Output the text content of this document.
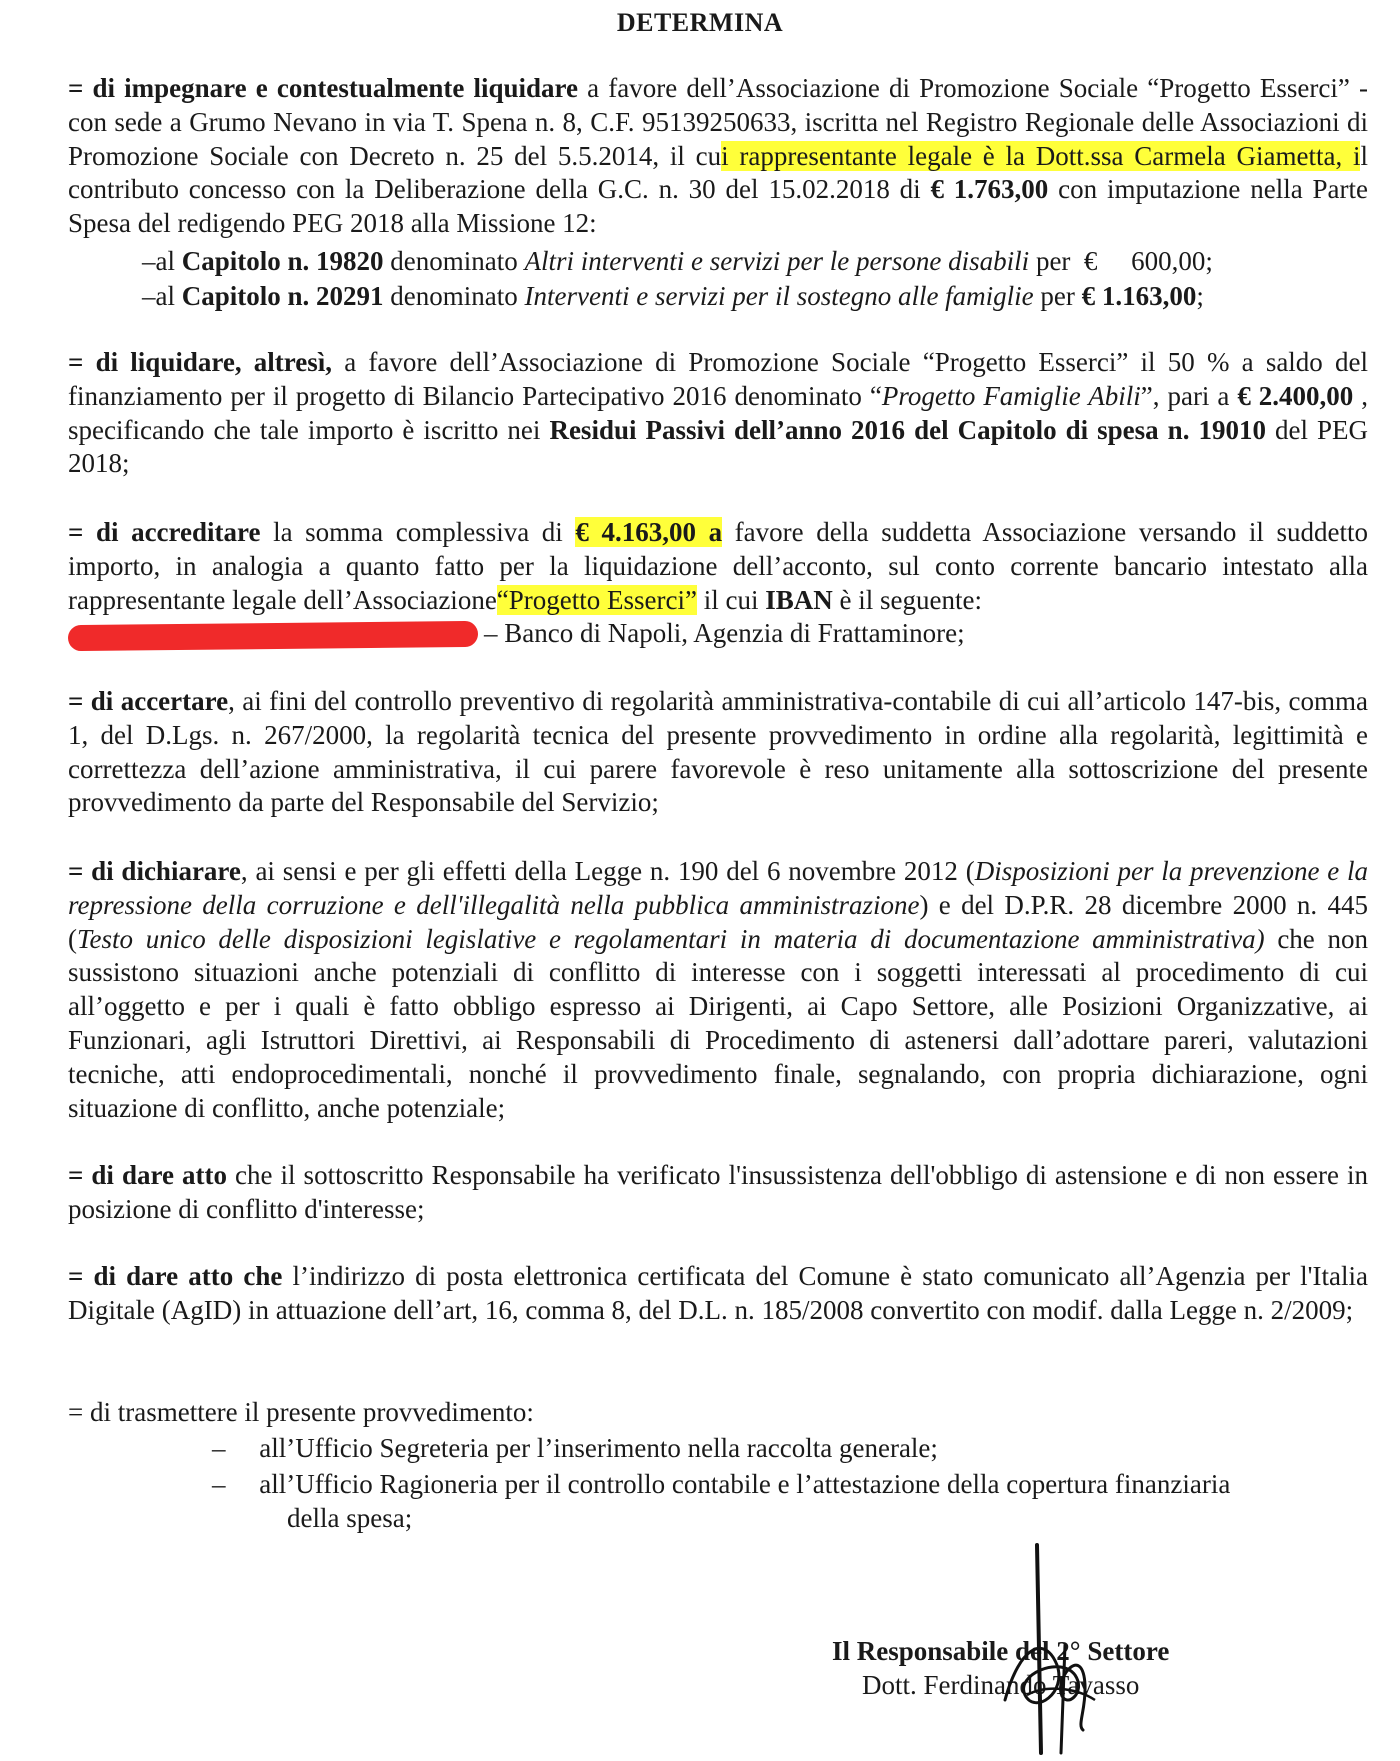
DETERMINA
= di impegnare e contestualmente liquidare a favore dell’Associazione di Promozione Sociale “Progetto Esserci” - con sede a Grumo Nevano in via T. Spena n. 8, C.F. 95139250633, iscritta nel Registro Regionale delle Associazioni di Promozione Sociale con Decreto n. 25 del 5.5.2014, il cui rappresentante legale è la Dott.ssa Carmela Giametta, il contributo concesso con la Deliberazione della G.C. n. 30 del 15.02.2018 di € 1.763,00 con imputazione nella Parte Spesa del redigendo PEG 2018 alla Missione 12:
–al Capitolo n. 19820 denominato Altri interventi e servizi per le persone disabili per  €     600,00;
–al Capitolo n. 20291 denominato Interventi e servizi per il sostegno alle famiglie per € 1.163,00;
= di liquidare, altresì, a favore dell’Associazione di Promozione Sociale “Progetto Esserci” il 50 % a saldo del finanziamento per il progetto di Bilancio Partecipativo 2016 denominato “Progetto Famiglie Abili”, pari a € 2.400,00 , specificando che tale importo è iscritto nei Residui Passivi dell’anno 2016 del Capitolo di spesa n. 19010 del PEG 2018;
= di accreditare la somma complessiva di € 4.163,00 a favore della suddetta Associazione versando il suddetto importo, in analogia a quanto fatto per la liquidazione dell’acconto, sul conto corrente bancario intestato alla rappresentante legale dell’Associazione“Progetto Esserci” il cui IBAN è il seguente:
– Banco di Napoli, Agenzia di Frattaminore;
= di accertare, ai fini del controllo preventivo di regolarità amministrativa-contabile di cui all’articolo 147-bis, comma 1, del D.Lgs. n. 267/2000, la regolarità tecnica del presente provvedimento in ordine alla regolarità, legittimità e correttezza dell’azione amministrativa, il cui parere favorevole è reso unitamente alla sottoscrizione del presente provvedimento da parte del Responsabile del Servizio;
= di dichiarare, ai sensi e per gli effetti della Legge n. 190 del 6 novembre 2012 (Disposizioni per la prevenzione e la repressione della corruzione e dell'illegalità nella pubblica amministrazione) e del D.P.R. 28 dicembre 2000 n. 445 (Testo unico delle disposizioni legislative e regolamentari in materia di documentazione amministrativa) che non sussistono situazioni anche potenziali di conflitto di interesse con i soggetti interessati al procedimento di cui all’oggetto e per i quali è fatto obbligo espresso ai Dirigenti, ai Capo Settore, alle Posizioni Organizzative, ai Funzionari, agli Istruttori Direttivi, ai Responsabili di Procedimento di astenersi dall’adottare pareri, valutazioni tecniche, atti endoprocedimentali, nonché il provvedimento finale, segnalando, con propria dichiarazione, ogni situazione di conflitto, anche potenziale;
= di dare atto che il sottoscritto Responsabile ha verificato l'insussistenza dell'obbligo di astensione e di non essere in posizione di conflitto d'interesse;
= di dare atto che l’indirizzo di posta elettronica certificata del Comune è stato comunicato all’Agenzia per l'Italia Digitale (AgID) in attuazione dell’art, 16, comma 8, del D.L. n. 185/2008 convertito con modif. dalla Legge n. 2/2009;
= di trasmettere il presente provvedimento:
–     all’Ufficio Segreteria per l’inserimento nella raccolta generale;
–     all’Ufficio Ragioneria per il controllo contabile e l’attestazione della copertura finanziaria
della spesa;
Il Responsabile del 2° Settore
Dott. Ferdinando Tavasso
